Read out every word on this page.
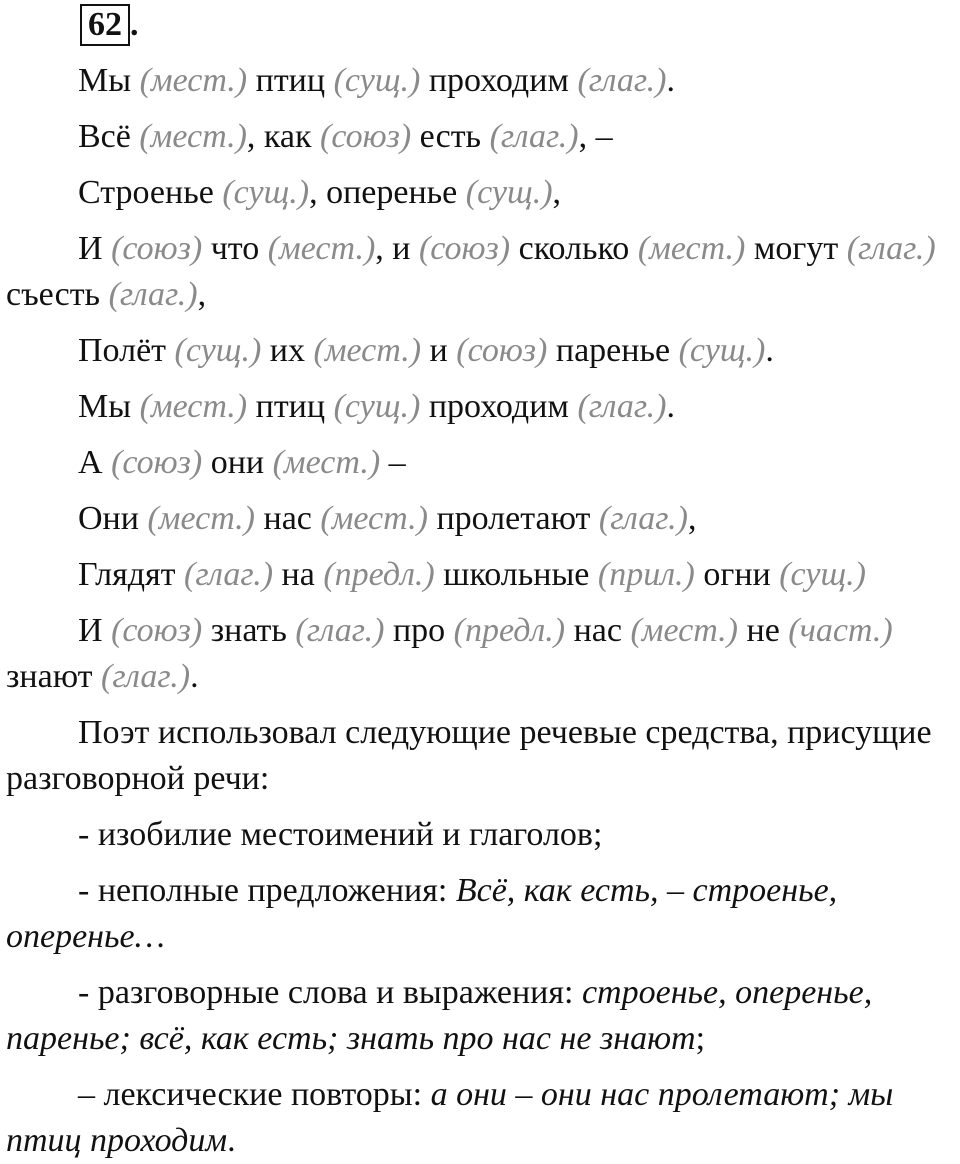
62 .

Мы (мест.) птиц (сущ.) проходим (глаг.).

Всё (мест.), как (союз) есть (глаг.), –

Строенье (сущ.), оперенье (сущ.),

И (союз) что (мест.), и (союз) сколько (мест.) могут (глаг.) съесть (глаг.),

Полёт (сущ.) их (мест.) и (союз) паренье (сущ.).

Мы (мест.) птиц (сущ.) проходим (глаг.).

А (союз) они (мест.) –

Они (мест.) нас (мест.) пролетают (глаг.),

Глядят (глаг.) на (предл.) школьные (прил.) огни (сущ.)

И (союз) знать (глаг.) про (предл.) нас (мест.) не (част.) знают (глаг.).

Поэт использовал следующие речевые средства, присущие разговорной речи:

- изобилие местоимений и глаголов;

- неполные предложения: Всё, как есть, – строенье, оперенье…

- разговорные слова и выражения: строенье, оперенье, паренье; всё, как есть; знать про нас не знают;

– лексические повторы: а они – они нас пролетают; мы птиц проходим.
